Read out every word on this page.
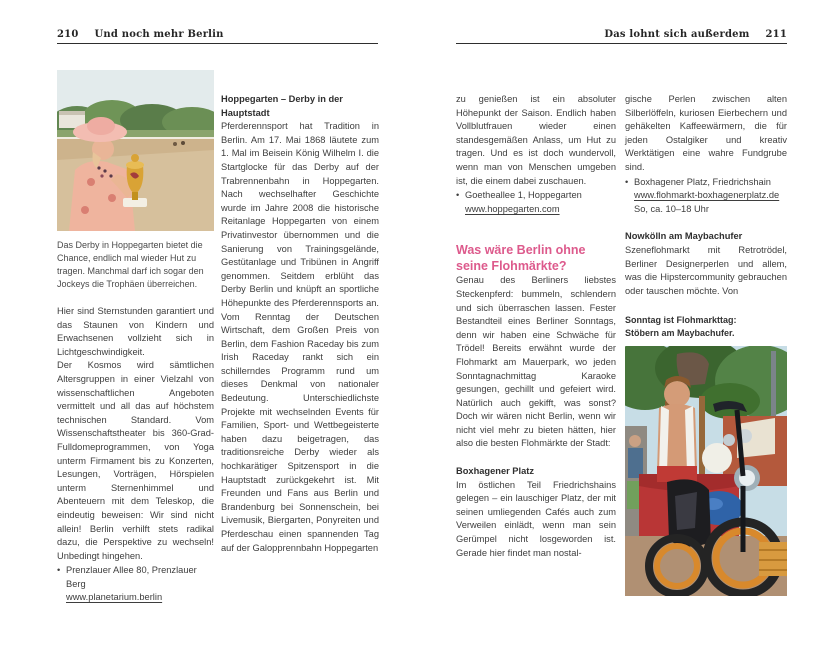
210 Und noch mehr Berlin	Das lohnt sich außerdem 211

Das Derby in Hoppegarten bietet die Chance, endlich mal wieder Hut zu tragen. Manchmal darf ich sogar den Jockeys die Trophäen überreichen.

Hier sind Sternstunden garantiert und das Staunen von Kindern und Erwachsenen vollzieht sich in Lichtgeschwindigkeit.

Der Kosmos wird sämtlichen Altersgruppen in einer Vielzahl von wissenschaftlichen Angeboten vermittelt und all das auf höchstem technischen Standard. Vom Wissenschaftstheater bis 360-Grad-Fulldomeprogrammen, von Yoga unterm Firmament bis zu Konzerten, Lesungen, Vorträgen, Hörspielen unterm Sternenhimmel und Abenteuern mit dem Teleskop, die eindeutig beweisen: Wir sind nicht allein! Berlin verhilft stets radikal dazu, die Perspektive zu wechseln! Unbedingt hingehen.

• Prenzlauer Allee 80, Prenzlauer Berg
www.planetarium.berlin

Hoppegarten – Derby in der Hauptstadt

Pferderennsport hat Tradition in Berlin. Am 17. Mai 1868 läutete zum 1. Mal im Beisein König Wilhelm I. die Startglocke für das Derby auf der Trabrennenbahn in Hoppegarten. Nach wechselhafter Geschichte wurde im Jahre 2008 die historische Reitanlage Hoppegarten von einem Privatinvestor übernommen und die Sanierung von Trainingsgelände, Gestütanlage und Tribünen in Angriff genommen. Seitdem erblüht das Derby Berlin und knüpft an sportliche Höhepunkte des Pferderennsports an. Vom Renntag der Deutschen Wirtschaft, dem Großen Preis von Berlin, dem Fashion Raceday bis zum Irish Raceday rankt sich ein schillerndes Programm rund um dieses Denkmal von nationaler Bedeutung. Unterschiedlichste Projekte mit wechselnden Events für Familien, Sport- und Wettbegeisterte haben dazu beigetragen, das traditionsreiche Derby wieder als hochkarätiger Spitzensport in die Hauptstadt zurückgekehrt ist. Mit Freunden und Fans aus Berlin und Brandenburg bei Sonnenschein, bei Livemusik, Biergarten, Ponyreiten und Pferdeschau einen spannenden Tag auf der Galopprennbahn Hoppegarten

zu genießen ist ein absoluter Höhepunkt der Saison. Endlich haben Vollblutfrauen wieder einen standesgemäßen Anlass, um Hut zu tragen. Und es ist doch wundervoll, wenn man von Menschen umgeben ist, die einem dabei zuschauen.

• Goetheallee 1, Hoppegarten
www.hoppegarten.com

Was wäre Berlin ohne seine Flohmärkte?

Genau des Berliners liebstes Steckenpferd: bummeln, schlendern und sich überraschen lassen. Fester Bestandteil eines Berliner Sonntags, denn wir haben eine Schwäche für Trödel! Bereits erwähnt wurde der Flohmarkt am Mauerpark, wo jeden Sonntagnachmittag Karaoke gesungen, gechillt und gefeiert wird. Natürlich auch gekifft, was sonst? Doch wir wären nicht Berlin, wenn wir nicht viel mehr zu bieten hätten, hier also die besten Flohmärkte der Stadt:

Boxhagener Platz

Im östlichen Teil Friedrichshains gelegen – ein lauschiger Platz, der mit seinen umliegenden Cafés auch zum Verweilen einlädt, wenn man sein Gerümpel nicht losgeworden ist. Gerade hier findet man nostal-

gische Perlen zwischen alten Silberlöffeln, kuriosen Eierbechern und gehäkelten Kaffeewärmern, die für jeden Ostalgiker und kreativ Werktätigen eine wahre Fundgrube sind.

• Boxhagener Platz, Friedrichshain
www.flohmarkt-boxhagenerplatz.de
So, ca. 10–18 Uhr

Nowkölln am Maybachufer

Szeneflohmarkt mit Retrotrödel, Berliner Designerperlen und allem, was die Hipstercommunity gebrauchen oder tauschen möchte. Von

Sonntag ist Flohmarkttag:

Stöbern am Maybachufer.
